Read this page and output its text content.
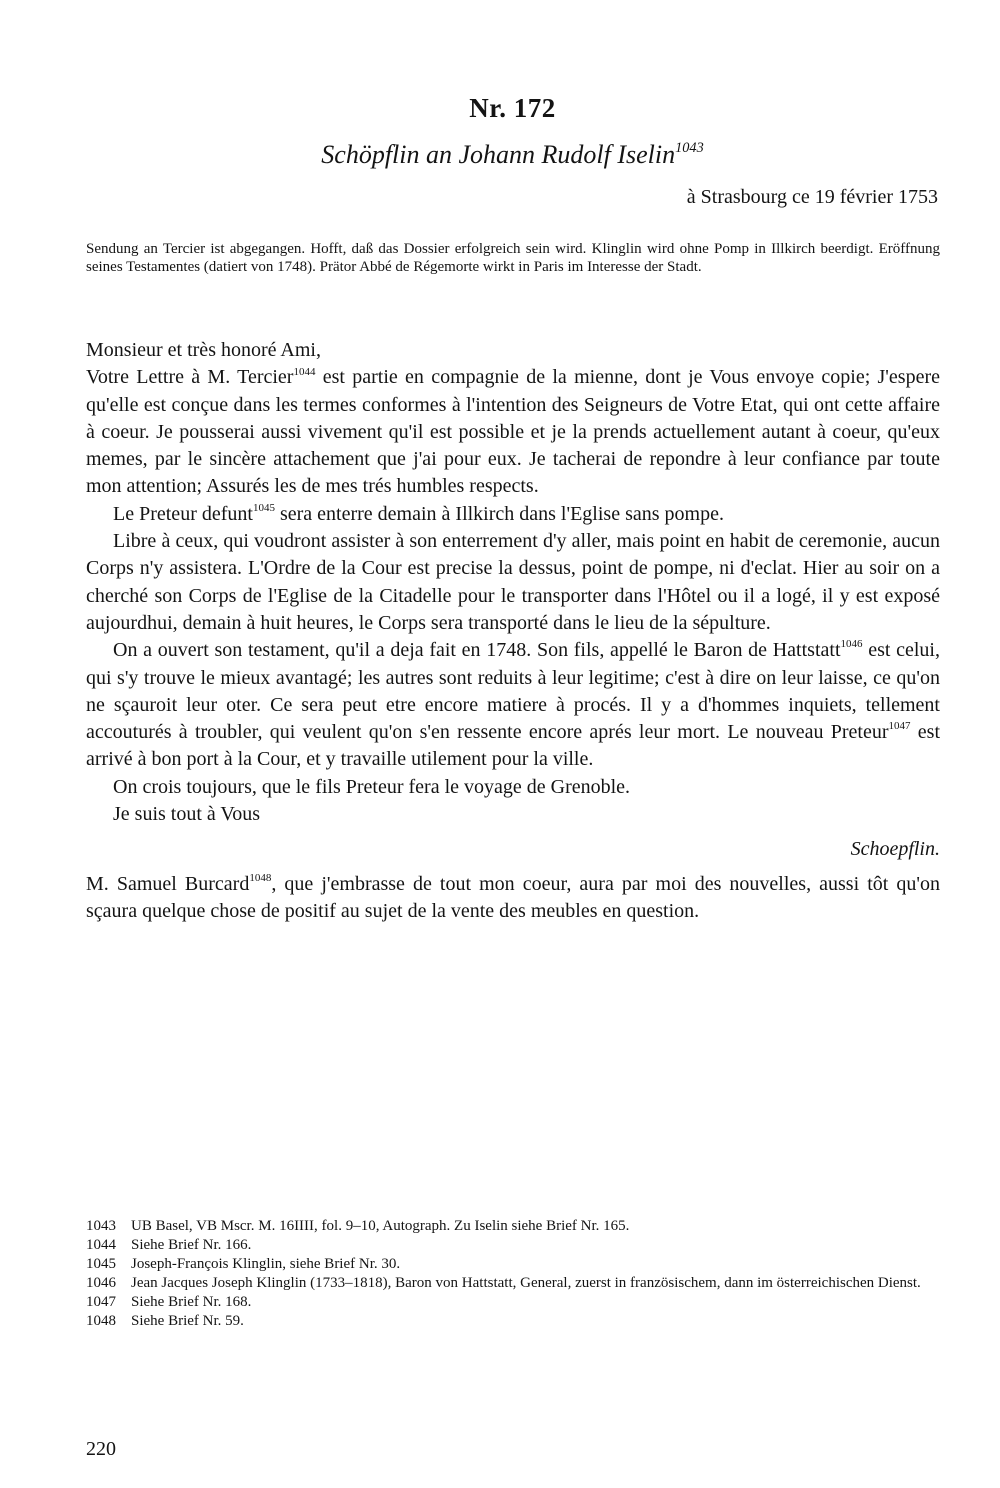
Nr. 172
Schöpflin an Johann Rudolf Iselin$^{1043}$
à Strasbourg ce 19 février 1753
Sendung an Tercier ist abgegangen. Hofft, daß das Dossier erfolgreich sein wird. Klinglin wird ohne Pomp in Illkirch beerdigt. Eröffnung seines Testamentes (datiert von 1748). Prätor Abbé de Régemorte wirkt in Paris im Interesse der Stadt.

Monsieur et très honoré Ami,

Votre Lettre à M. Tercier$^{1044}$ est partie en compagnie de la mienne, dont je Vous envoye copie; J'espere qu'elle est conçue dans les termes conformes à l'intention des Seigneurs de Votre Etat, qui ont cette affaire à coeur. Je pousserai aussi vivement qu'il est possible et je la prends actuellement autant à coeur, qu'eux memes, par le sincère attachement que j'ai pour eux. Je tacherai de repondre à leur confiance par toute mon attention; Assurés les de mes trés humbles respects.

Le Preteur defunt$^{1045}$ sera enterre demain à Illkirch dans l'Eglise sans pompe.

Libre à ceux, qui voudront assister à son enterrement d'y aller, mais point en habit de ceremonie, aucun Corps n'y assistera. L'Ordre de la Cour est precise la dessus, point de pompe, ni d'eclat. Hier au soir on a cherché son Corps de l'Eglise de la Citadelle pour le transporter dans l'Hôtel ou il a logé, il y est exposé aujourdhui, demain à huit heures, le Corps sera transporté dans le lieu de la sépulture.

On a ouvert son testament, qu'il a deja fait en 1748. Son fils, appellé le Baron de Hattstatt$^{1046}$ est celui, qui s'y trouve le mieux avantagé; les autres sont reduits à leur legitime; c'est à dire on leur laisse, ce qu'on ne sçauroit leur oter. Ce sera peut etre encore matiere à procés. Il y a d'hommes inquiets, tellement accouturés à troubler, qui veulent qu'on s'en ressente encore aprés leur mort. Le nouveau Preteur$^{1047}$ est arrivé à bon port à la Cour, et y travaille utilement pour la ville.

On crois toujours, que le fils Preteur fera le voyage de Grenoble.

Je suis tout à Vous

Schoepflin.

M. Samuel Burcard$^{1048}$, que j'embrasse de tout mon coeur, aura par moi des nouvelles, aussi tôt qu'on sçaura quelque chose de positif au sujet de la vente des meubles en question.

1043	UB Basel, VB Mscr. M. 16IIII, fol. 9–10, Autograph. Zu Iselin siehe Brief Nr. 165.
1044	Siehe Brief Nr. 166.
1045	Joseph-François Klinglin, siehe Brief Nr. 30.
1046	Jean Jacques Joseph Klinglin (1733–1818), Baron von Hattstatt, General, zuerst in französischem, dann im österreichischen Dienst.
1047	Siehe Brief Nr. 168.
1048	Siehe Brief Nr. 59.
220
